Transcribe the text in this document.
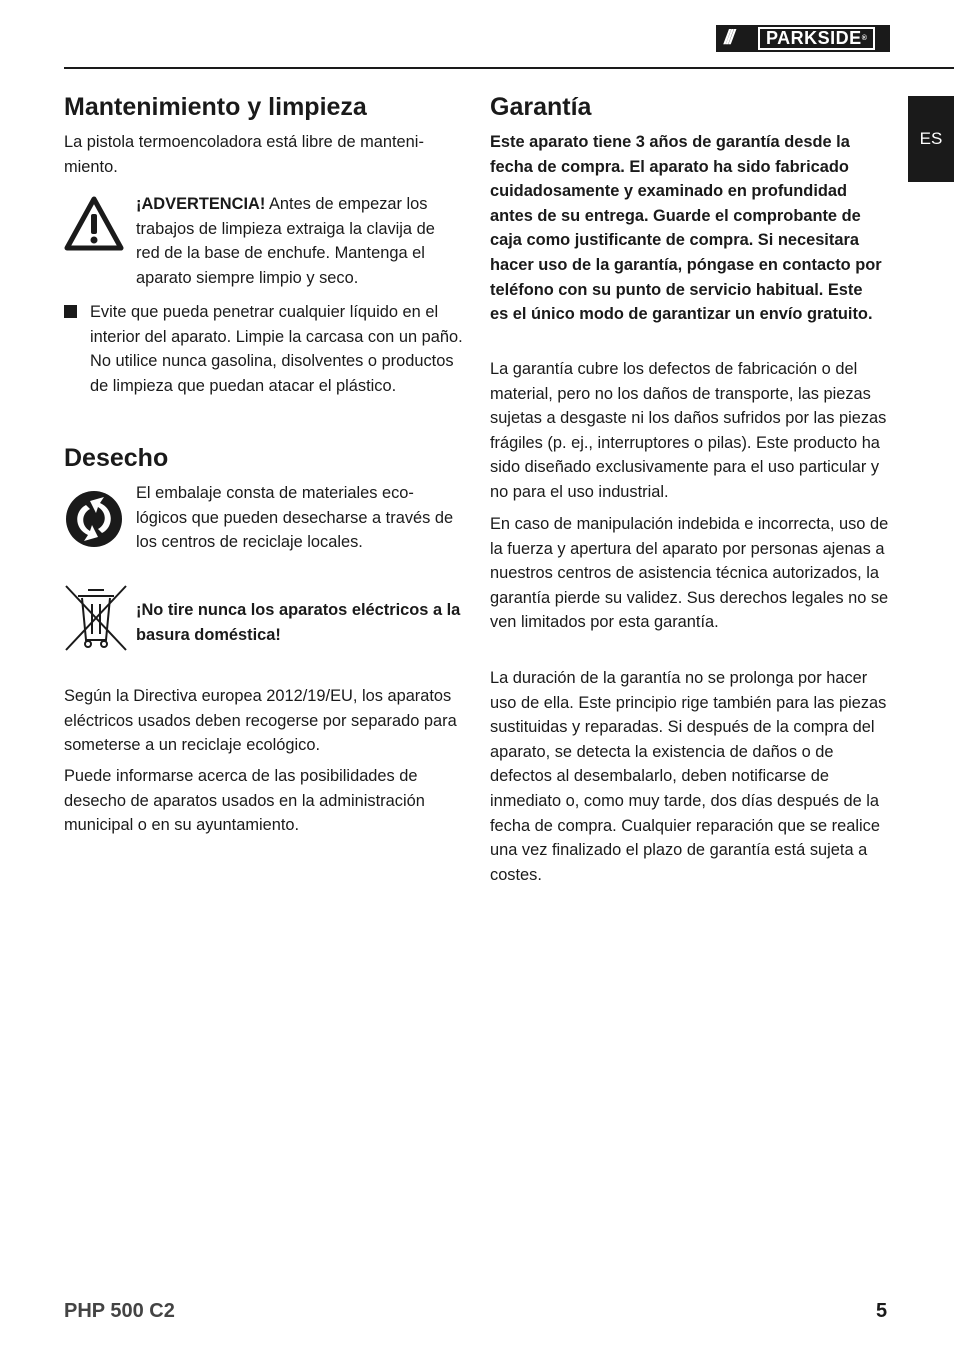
///	PARKSIDE ®
ES
Mantenimiento y limpieza

La pistola termoencoladora está libre de mantenimiento.

¡ADVERTENCIA! Antes de empezar los trabajos de limpieza extraiga la clavija de red de la base de enchufe. Mantenga el aparato siempre limpio y seco.

Evite que pueda penetrar cualquier líquido en el interior del aparato. Limpie la carcasa con un paño. No utilice nunca gasolina, disolventes o productos de limpieza que puedan atacar el plástico.

Desecho

El embalaje consta de materiales ecológicos que pueden desecharse a través de los centros de reciclaje locales.

¡No tire nunca los aparatos eléctricos a la basura doméstica!

Según la Directiva europea 2012/19/EU, los aparatos eléctricos usados deben recogerse por separado para someterse a un reciclaje ecológico.

Puede informarse acerca de las posibilidades de desecho de aparatos usados en la administración municipal o en su ayuntamiento.

Garantía

Este aparato tiene 3 años de garantía desde la fecha de compra. El aparato ha sido fabricado cuidadosamente y examinado en profundidad antes de su entrega. Guarde el comprobante de caja como justificante de compra. Si necesitara hacer uso de la garantía, póngase en contacto por teléfono con su punto de servicio habitual. Este es el único modo de garantizar un envío gratuito.

La garantía cubre los defectos de fabricación o del material, pero no los daños de transporte, las piezas sujetas a desgaste ni los daños sufridos por las piezas frágiles (p. ej., interruptores o pilas). Este producto ha sido diseñado exclusivamente para el uso particular y no para el uso industrial.

En caso de manipulación indebida e incorrecta, uso de la fuerza y apertura del aparato por personas ajenas a nuestros centros de asistencia técnica autorizados, la garantía pierde su validez. Sus derechos legales no se ven limitados por esta garantía.

La duración de la garantía no se prolonga por hacer uso de ella. Este principio rige también para las piezas sustituidas y reparadas. Si después de la compra del aparato, se detecta la existencia de daños o de defectos al desembalarlo, deben notificarse de inmediato o, como muy tarde, dos días después de la fecha de compra. Cualquier reparación que se realice una vez finalizado el plazo de garantía está sujeta a costes.

PHP 500 C2	5
